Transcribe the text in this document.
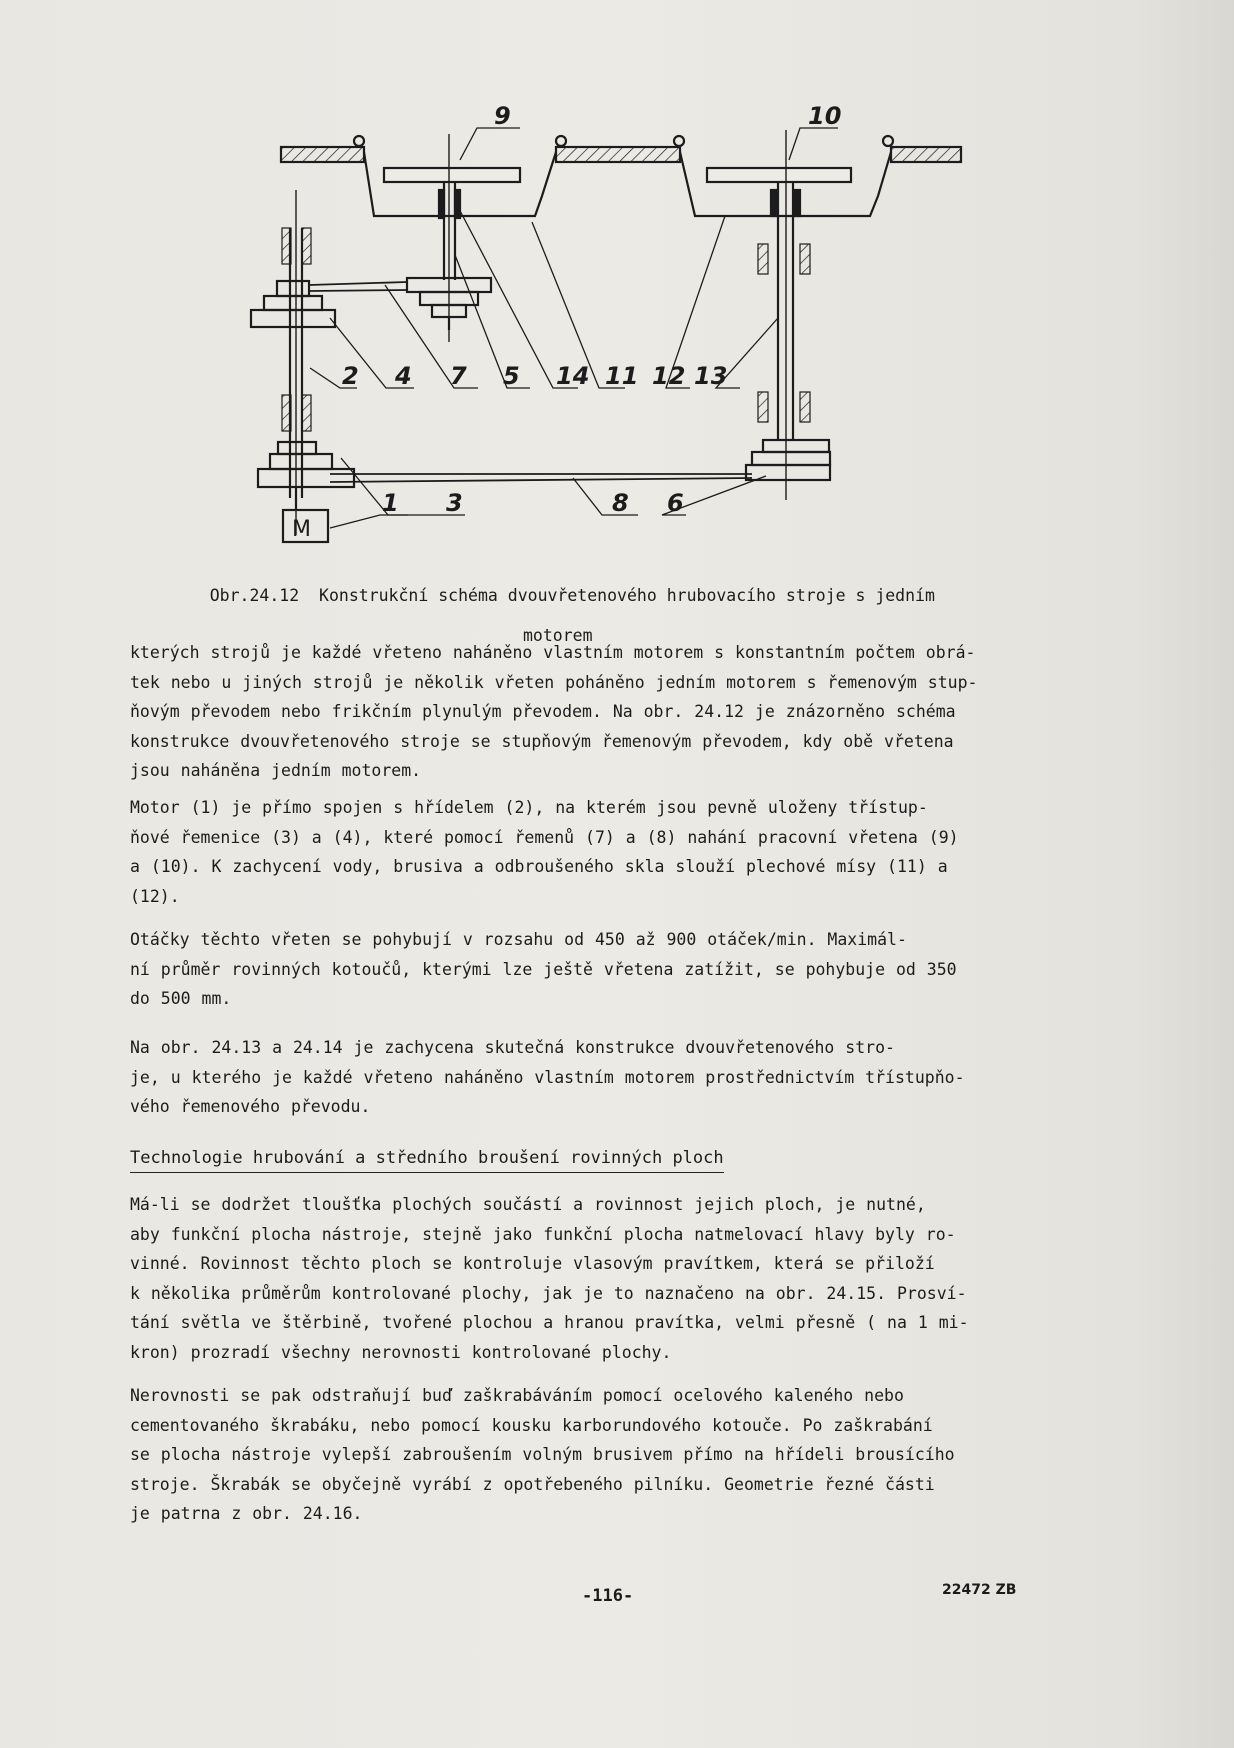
M
9	10
2 4 7 5 14 11 12 13
1 3	8 6

Obr.24.12  Konstrukční schéma dvouvřetenového hrubovacího stroje s jedním

motorem

kterých strojů je každé vřeteno naháněno vlastním motorem s konstantním počtem obrá-
tek nebo u jiných strojů je několik vřeten poháněno jedním motorem s řemenovým stup-
ňovým převodem nebo frikčním plynulým převodem. Na obr. 24.12 je znázorněno schéma
konstrukce dvouvřetenového stroje se stupňovým řemenovým převodem, kdy obě vřetena
jsou naháněna jedním motorem.

Motor (1) je přímo spojen s hřídelem (2), na kterém jsou pevně uloženy třístup-
ňové řemenice (3) a (4), které pomocí řemenů (7) a (8) nahání pracovní vřetena (9)
a (10). K zachycení vody, brusiva a odbroušeného skla slouží plechové mísy (11) a
(12).

Otáčky těchto vřeten se pohybují v rozsahu od 450 až 900 otáček/min. Maximál-
ní průměr rovinných kotoučů, kterými lze ještě vřetena zatížit, se pohybuje od 350
do 500 mm.

Na obr. 24.13 a 24.14 je zachycena skutečná konstrukce dvouvřetenového stro-
je, u kterého je každé vřeteno naháněno vlastním motorem prostřednictvím třístupňo-
vého řemenového převodu.

Technologie hrubování a středního broušení rovinných ploch

Má-li se dodržet tloušťka plochých součástí a rovinnost jejich ploch, je nutné,
aby funkční plocha nástroje, stejně jako funkční plocha natmelovací hlavy byly ro-
vinné. Rovinnost těchto ploch se kontroluje vlasovým pravítkem, která se přiloží
k několika průměrům kontrolované plochy, jak je to naznačeno na obr. 24.15. Prosví-
tání světla ve štěrbině, tvořené plochou a hranou pravítka, velmi přesně ( na 1 mi-
kron) prozradí všechny nerovnosti kontrolované plochy.

Nerovnosti se pak odstraňují buď zaškrabáváním pomocí ocelového kaleného nebo
cementovaného škrabáku, nebo pomocí kousku karborundového kotouče. Po zaškrabání
se plocha nástroje vylepší zabroušením volným brusivem přímo na hřídeli brousícího
stroje. Škrabák se obyčejně vyrábí z opotřebeného pilníku. Geometrie řezné části
je patrna z obr. 24.16.

-116-	22472 ZB
